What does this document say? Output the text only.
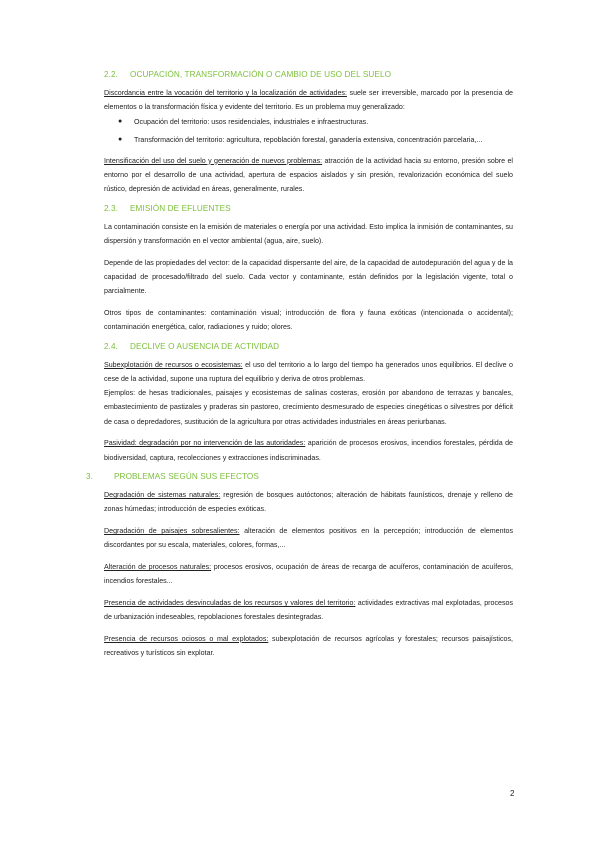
2.2. OCUPACIÓN, TRANSFORMACIÓN O CAMBIO DE USO DEL SUELO

Discordancia entre la vocación del territorio y la localización de actividades: suele ser irreversible, marcado por la presencia de elementos o la transformación física y evidente del territorio. Es un problema muy generalizado:

● Ocupación del territorio: usos residenciales, industriales e infraestructuras.
● Transformación del territorio: agricultura, repoblación forestal, ganadería extensiva, concentración parcelaria,...

Intensificación del uso del suelo y generación de nuevos problemas: atracción de la actividad hacia su entorno, presión sobre el entorno por el desarrollo de una actividad, apertura de espacios aislados y sin presión, revalorización económica del suelo rústico, depresión de actividad en áreas, generalmente, rurales.

2.3. EMISIÓN DE EFLUENTES

La contaminación consiste en la emisión de materiales o energía por una actividad. Esto implica la inmisión de contaminantes, su dispersión y transformación en el vector ambiental (agua, aire, suelo).

Depende de las propiedades del vector: de la capacidad dispersante del aire, de la capacidad de autodepuración del agua y de la capacidad de procesado/filtrado del suelo. Cada vector y contaminante, están definidos por la legislación vigente, total o parcialmente.

Otros tipos de contaminantes: contaminación visual; introducción de flora y fauna exóticas (intencionada o accidental); contaminación energética, calor, radiaciones y ruido; olores.

2.4. DECLIVE O AUSENCIA DE ACTIVIDAD

Subexplotación de recursos o ecosistemas: el uso del territorio a lo largo del tiempo ha generados unos equilibrios. El declive o cese de la actividad, supone una ruptura del equilibrio y deriva de otros problemas.

Ejemplos: de hesas tradicionales, paisajes y ecosistemas de salinas costeras, erosión por abandono de terrazas y bancales, embastecimiento de pastizales y praderas sin pastoreo, crecimiento desmesurado de especies cinegéticas o silvestres por déficit de casa o depredadores, sustitución de la agricultura por otras actividades industriales en áreas periurbanas.

Pasividad: degradación por no intervención de las autoridades: aparición de procesos erosivos, incendios forestales, pérdida de biodiversidad, captura, recolecciones y extracciones indiscriminadas.

3.	PROBLEMAS SEGÚN SUS EFECTOS

Degradación de sistemas naturales: regresión de bosques autóctonos; alteración de hábitats faunísticos, drenaje y relleno de zonas húmedas; introducción de especies exóticas.

Degradación de paisajes sobresalientes: alteración de elementos positivos en la percepción; introducción de elementos discordantes por su escala, materiales, colores, formas,...

Alteración de procesos naturales: procesos erosivos, ocupación de áreas de recarga de acuíferos, contaminación de acuíferos, incendios forestales...

Presencia de actividades desvinculadas de los recursos y valores del territorio: actividades extractivas mal explotadas, procesos de urbanización indeseables, repoblaciones forestales desintegradas.

Presencia de recursos ociosos o mal explotados: subexplotación de recursos agrícolas y forestales; recursos paisajísticos, recreativos y turísticos sin explotar.

2
